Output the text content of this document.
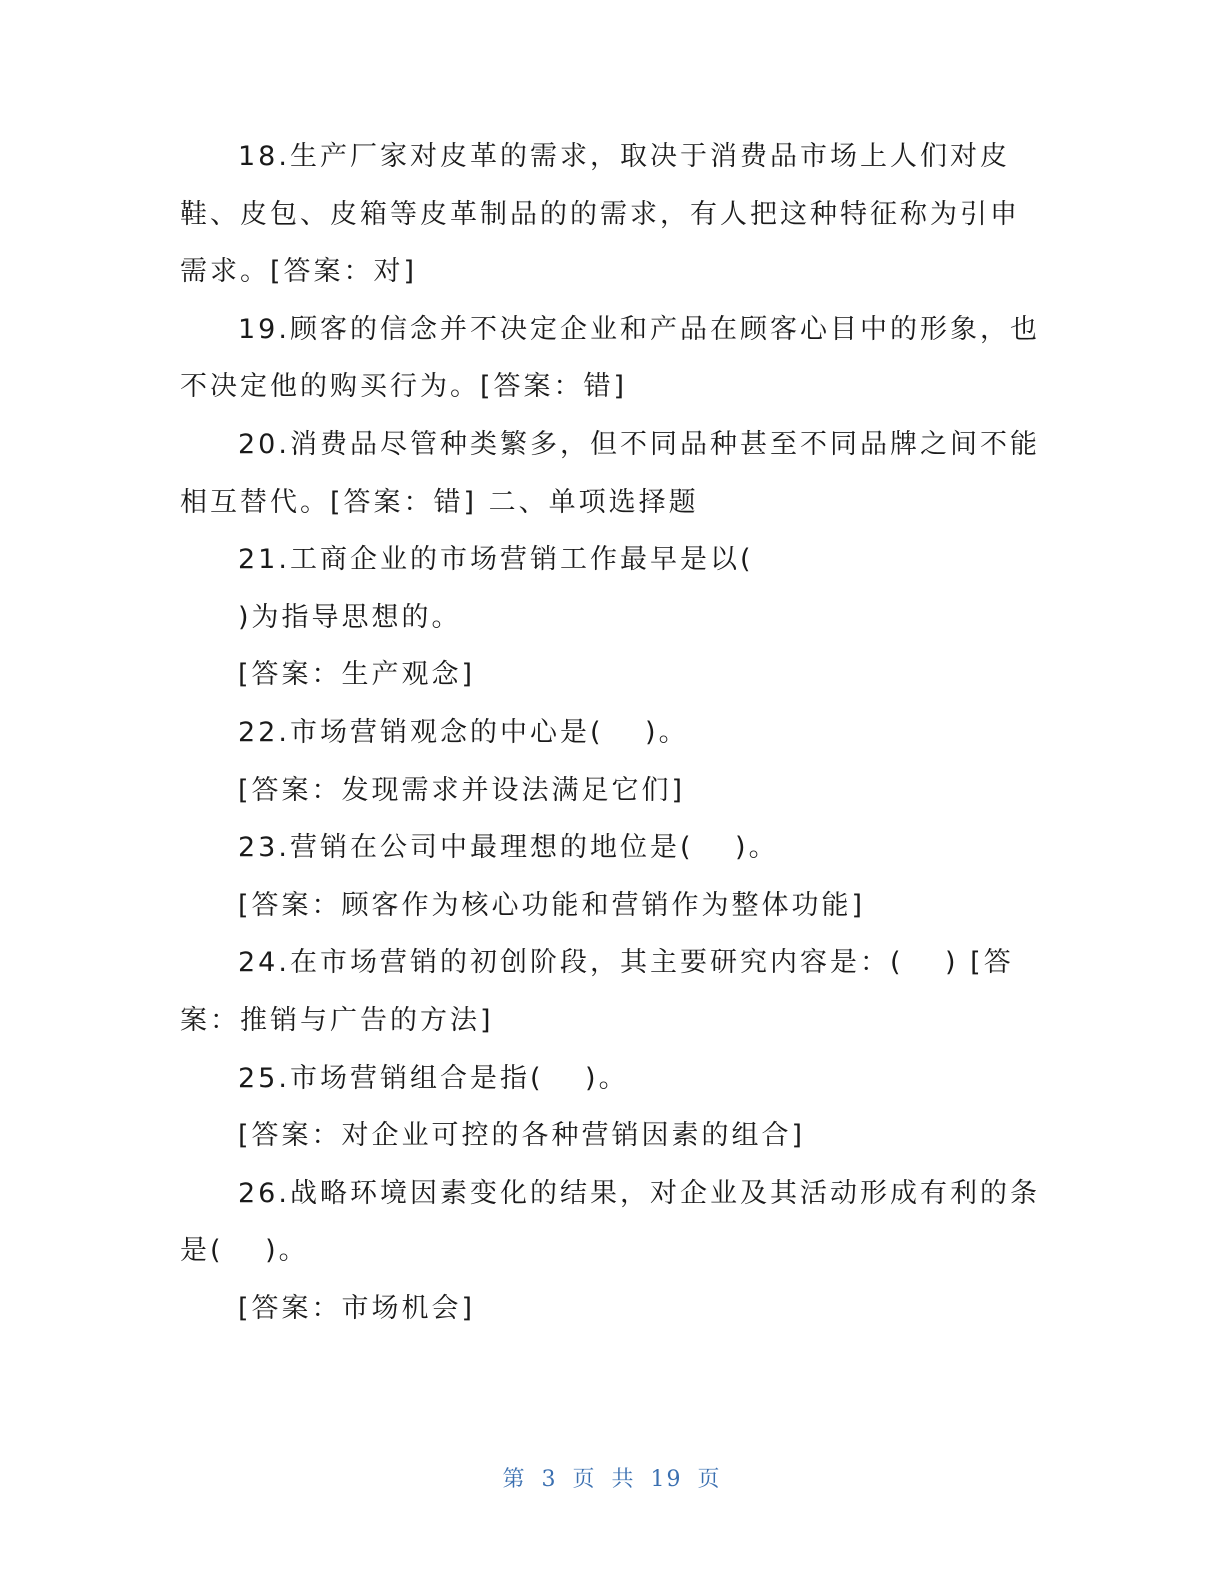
18.生产厂家对皮革的需求，取决于消费品市场上人们对皮
鞋、皮包、皮箱等皮革制品的的需求，有人把这种特征称为引申
需求。[答案：对]
19.顾客的信念并不决定企业和产品在顾客心目中的形象，也
不决定他的购买行为。[答案：错]
20.消费品尽管种类繁多，但不同品种甚至不同品牌之间不能
相互替代。[答案：错] 二、单项选择题
21.工商企业的市场营销工作最早是以(
)为指导思想的。
[答案：生产观念]
22.市场营销观念的中心是(　 )。
[答案：发现需求并设法满足它们]
23.营销在公司中最理想的地位是(　 )。
[答案：顾客作为核心功能和营销作为整体功能]
24.在市场营销的初创阶段，其主要研究内容是：(　 ) [答
案：推销与广告的方法]
25.市场营销组合是指(　 )。
[答案：对企业可控的各种营销因素的组合]
26.战略环境因素变化的结果，对企业及其活动形成有利的条
是(　 )。
[答案：市场机会]
第 3 页 共 19 页
